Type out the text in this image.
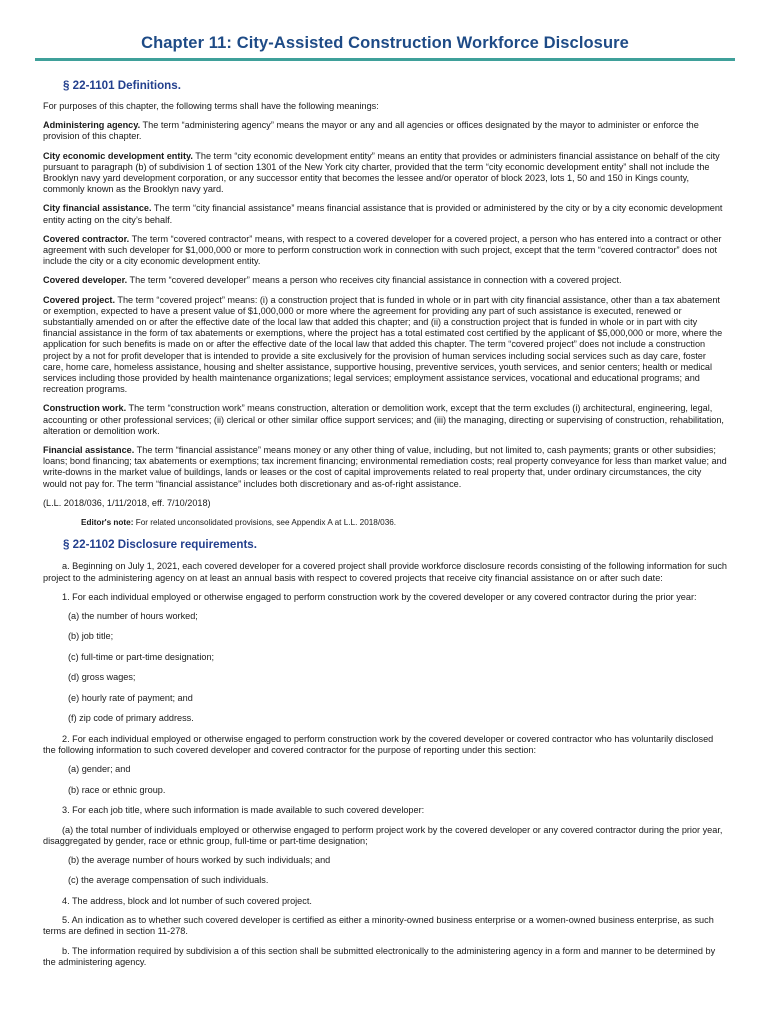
Chapter 11: City-Assisted Construction Workforce Disclosure
§ 22-1101 Definitions.

For purposes of this chapter, the following terms shall have the following meanings:

Administering agency. The term “administering agency” means the mayor or any and all agencies or offices designated by the mayor to administer or enforce the provision of this chapter.

City economic development entity. The term “city economic development entity” means an entity that provides or administers financial assistance on behalf of the city pursuant to paragraph (b) of subdivision 1 of section 1301 of the New York city charter, provided that the term “city economic development entity” shall not include the Brooklyn navy yard development corporation, or any successor entity that becomes the lessee and/or operator of block 2023, lots 1, 50 and 150 in Kings county, commonly known as the Brooklyn navy yard.

City financial assistance. The term “city financial assistance” means financial assistance that is provided or administered by the city or by a city economic development entity acting on the city’s behalf.

Covered contractor. The term “covered contractor” means, with respect to a covered developer for a covered project, a person who has entered into a contract or other agreement with such developer for $1,000,000 or more to perform construction work in connection with such project, except that the term “covered contractor” does not include the city or a city economic development entity.

Covered developer. The term “covered developer” means a person who receives city financial assistance in connection with a covered project.

Covered project. The term “covered project” means: (i) a construction project that is funded in whole or in part with city financial assistance, other than a tax abatement or exemption, expected to have a present value of $1,000,000 or more where the agreement for providing any part of such assistance is executed, renewed or substantially amended on or after the effective date of the local law that added this chapter; and (ii) a construction project that is funded in whole or in part with city financial assistance in the form of tax abatements or exemptions, where the project has a total estimated cost certified by the applicant of $5,000,000 or more, where the application for such benefits is made on or after the effective date of the local law that added this chapter. The term “covered project” does not include a construction project by a not for profit developer that is intended to provide a site exclusively for the provision of human services including social services such as day care, foster care, home care, homeless assistance, housing and shelter assistance, supportive housing, preventive services, youth services, and senior centers; health or medical services including those provided by health maintenance organizations; legal services; employment assistance services, vocational and educational programs; and recreation programs.

Construction work. The term “construction work” means construction, alteration or demolition work, except that the term excludes (i) architectural, engineering, legal, accounting or other professional services; (ii) clerical or other similar office support services; and (iii) the managing, directing or supervising of construction, rehabilitation, alteration or demolition work.

Financial assistance. The term “financial assistance” means money or any other thing of value, including, but not limited to, cash payments; grants or other subsidies; loans; bond financing; tax abatements or exemptions; tax increment financing; environmental remediation costs; real property conveyance for less than market value; and write-downs in the market value of buildings, lands or leases or the cost of capital improvements related to real property that, under ordinary circumstances, the city would not pay for. The term “financial assistance” includes both discretionary and as-of-right assistance.

(L.L. 2018/036, 1/11/2018, eff. 7/10/2018)

Editor's note: For related unconsolidated provisions, see Appendix A at L.L. 2018/036.

§ 22-1102 Disclosure requirements.

a. Beginning on July 1, 2021, each covered developer for a covered project shall provide workforce disclosure records consisting of the following information for such project to the administering agency on at least an annual basis with respect to covered projects that receive city financial assistance on or after such date:

1. For each individual employed or otherwise engaged to perform construction work by the covered developer or any covered contractor during the prior year:

(a) the number of hours worked;
(b) job title;
(c) full-time or part-time designation;
(d) gross wages;
(e) hourly rate of payment; and
(f) zip code of primary address.

2. For each individual employed or otherwise engaged to perform construction work by the covered developer or covered contractor who has voluntarily disclosed the following information to such covered developer and covered contractor for the purpose of reporting under this section:

(a) gender; and
(b) race or ethnic group.

3. For each job title, where such information is made available to such covered developer:

(a) the total number of individuals employed or otherwise engaged to perform project work by the covered developer or any covered contractor during the prior year, disaggregated by gender, race or ethnic group, full-time or part-time designation;

(b) the average number of hours worked by such individuals; and
(c) the average compensation of such individuals.

4. The address, block and lot number of such covered project.

5. An indication as to whether such covered developer is certified as either a minority-owned business enterprise or a women-owned business enterprise, as such terms are defined in section 11-278.

b. The information required by subdivision a of this section shall be submitted electronically to the administering agency in a form and manner to be determined by the administering agency.
